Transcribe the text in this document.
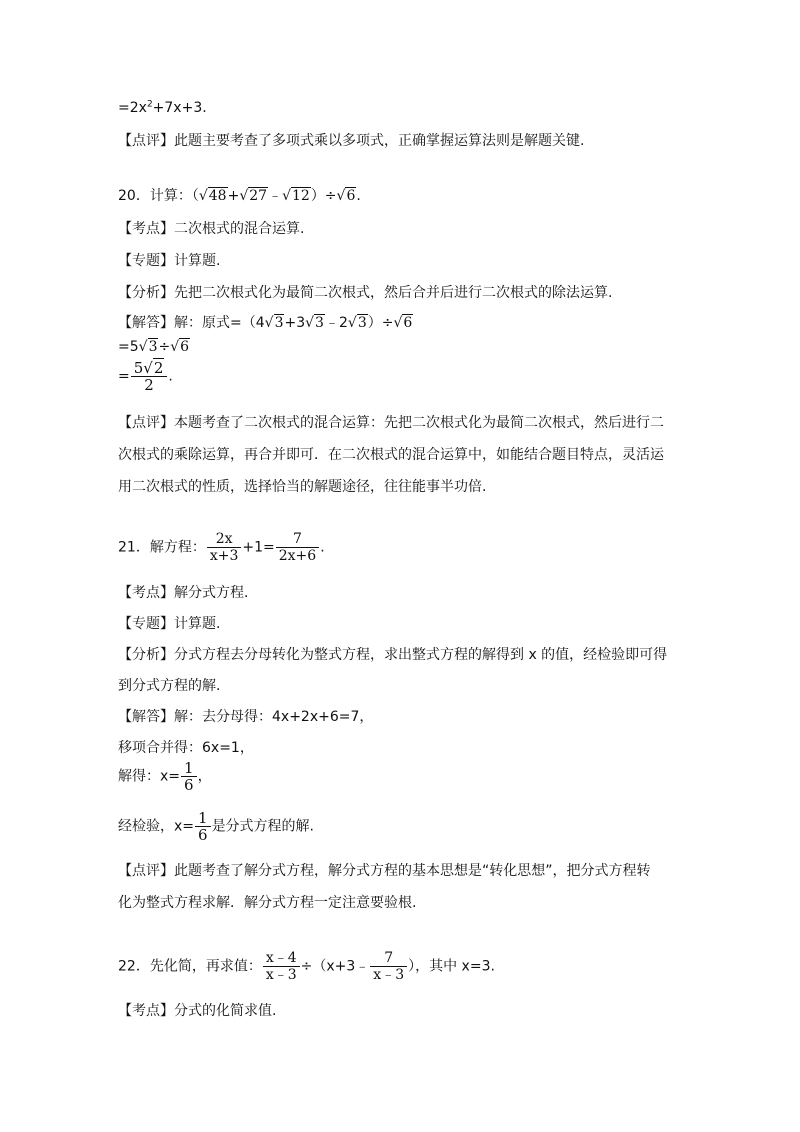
$=2x^2+7x+3$.
【点评】此题主要考查了多项式乘以多项式，正确掌握运算法则是解题关键.
20．计算：（√48+√27﹣√12）÷√6.
【考点】二次根式的混合运算.
【专题】计算题.
【分析】先把二次根式化为最简二次根式，然后合并后进行二次根式的除法运算.
【解答】解：原式=（4√3+3√3﹣2√3）÷√6
=5√3÷√6
= $\frac{5√2}{2}$ .
【点评】本题考查了二次根式的混合运算：先把二次根式化为最简二次根式，然后进行二
次根式的乘除运算，再合并即可．在二次根式的混合运算中，如能结合题目特点，灵活运
用二次根式的性质，选择恰当的解题途径，往往能事半功倍.
21．解方程： $\frac{2x}{x+3} +1= \frac{7}{2x+6}$ .
【考点】解分式方程.
【专题】计算题.
【分析】分式方程去分母转化为整式方程，求出整式方程的解得到 x 的值，经检验即可得
到分式方程的解.
【解答】解：去分母得：4x+2x+6=7，
移项合并得：6x=1，
解得：$x= \frac{1}{6}$ ，
经检验，$x= \frac{1}{6}$ 是分式方程的解.
【点评】此题考查了解分式方程，解分式方程的基本思想是“转化思想”，把分式方程转
化为整式方程求解．解分式方程一定注意要验根.
22．先化简，再求值： $\frac{x﹣4}{x﹣3}$ ÷（x+3﹣ $\frac{7}{x﹣3}$ ），其中 x=3.
【考点】分式的化简求值.
